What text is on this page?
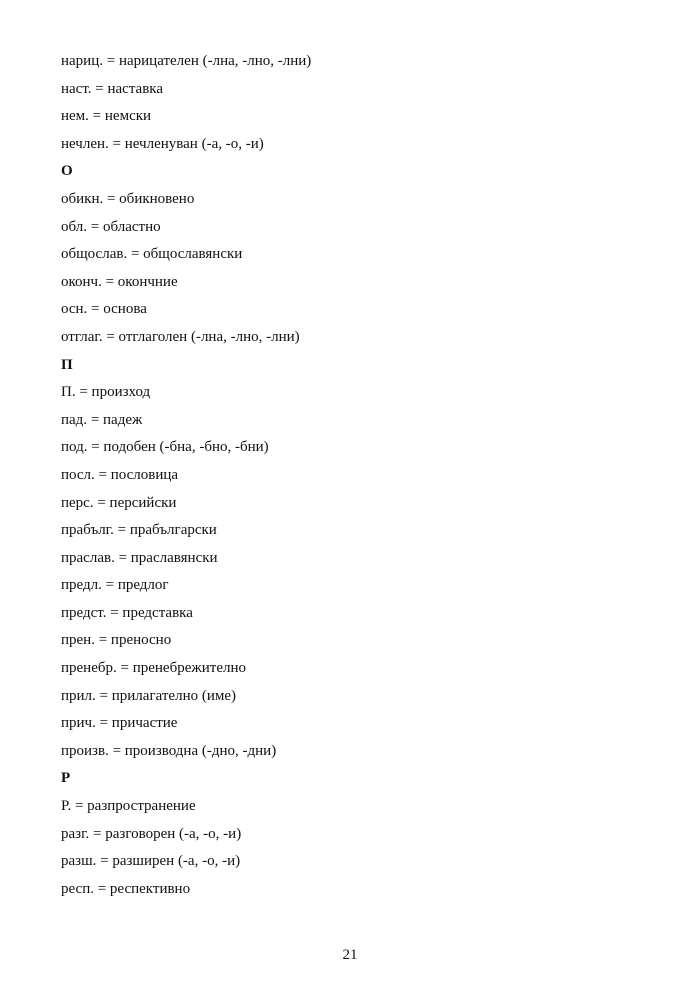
нариц. = нарицателен (-лна, -лно, -лни)
наст. = наставка
нем. = немски
нечлен. = нечленуван (-а, -о, -и)
О
обикн. = обикновено
обл. = областно
общослав. = общославянски
оконч. = окончние
осн. = основа
отглаг. = отглаголен (-лна, -лно, -лни)
П
П. = произход
пад. = падеж
под. = подобен (-бна, -бно, -бни)
посл. = пословица
перс. = персийски
прабълг. = прабългарски
праслав. = праславянски
предл. = предлог
предст. = представка
прен. = преносно
пренебр. = пренебрежително
прил. = прилагателно (име)
прич. = причастие
произв. = производна (-дно, -дни)
Р
Р. = разпространение
разг. = разговорен (-а, -о, -и)
разш. = разширен (-а, -о, -и)
респ. = респективно
21
